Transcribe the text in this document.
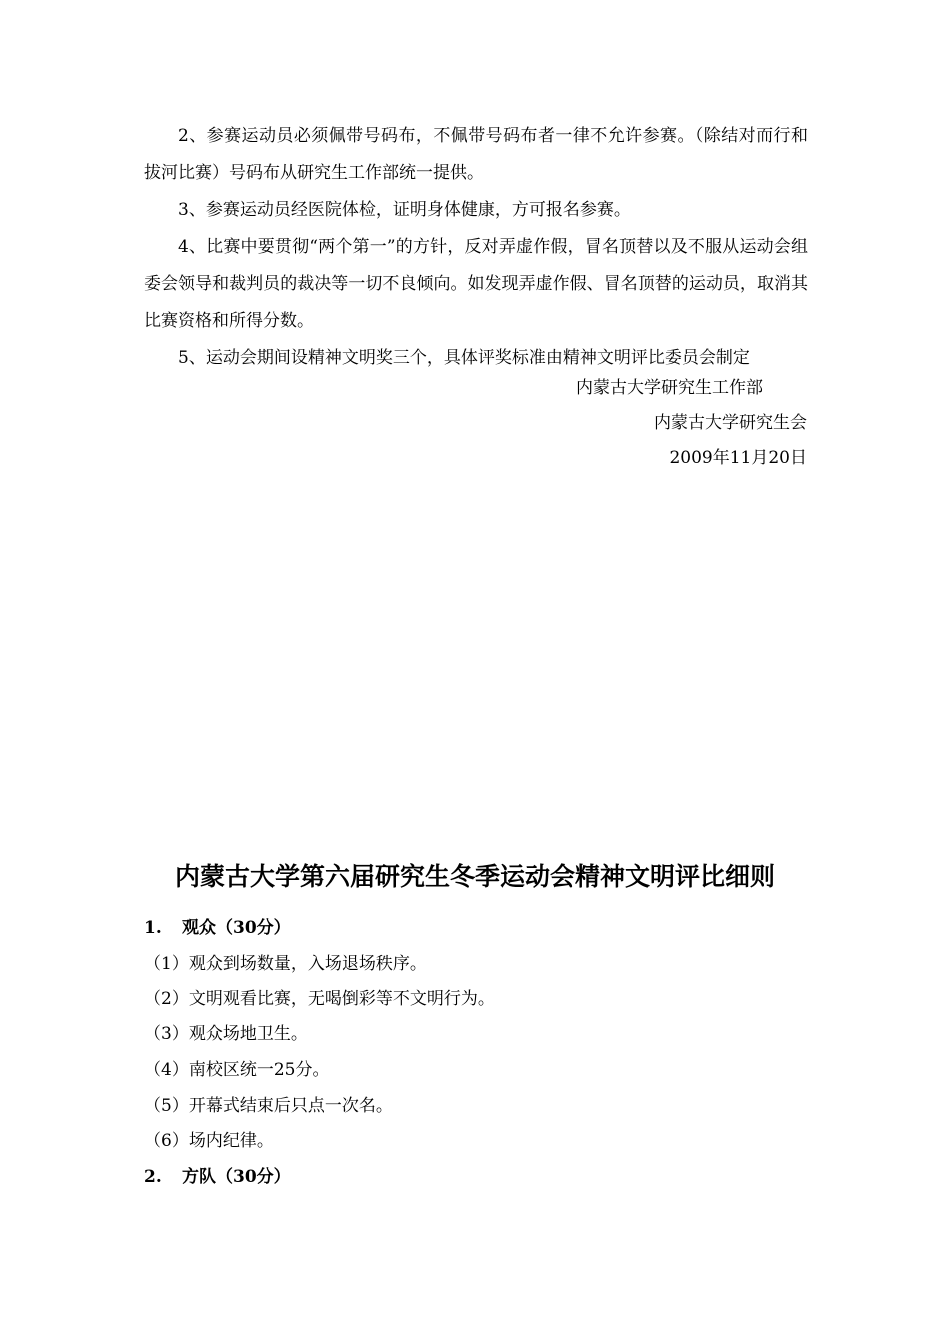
2、参赛运动员必须佩带号码布，不佩带号码布者一律不允许参赛。（除结对而行和拔河比赛）号码布从研究生工作部统一提供。
3、参赛运动员经医院体检，证明身体健康，方可报名参赛。
4、比赛中要贯彻“两个第一”的方针，反对弄虚作假，冒名顶替以及不服从运动会组委会领导和裁判员的裁决等一切不良倾向。如发现弄虚作假、冒名顶替的运动员，取消其比赛资格和所得分数。
5、运动会期间设精神文明奖三个，具体评奖标准由精神文明评比委员会制定
内蒙古大学研究生工作部
内蒙古大学研究生会
2009年11月20日
内蒙古大学第六届研究生冬季运动会精神文明评比细则
1. 观众（30分）
（1）观众到场数量，入场退场秩序。
（2）文明观看比赛，无喝倒彩等不文明行为。
（3）观众场地卫生。
（4）南校区统一25分。
（5）开幕式结束后只点一次名。
（6）场内纪律。
2. 方队（30分）
